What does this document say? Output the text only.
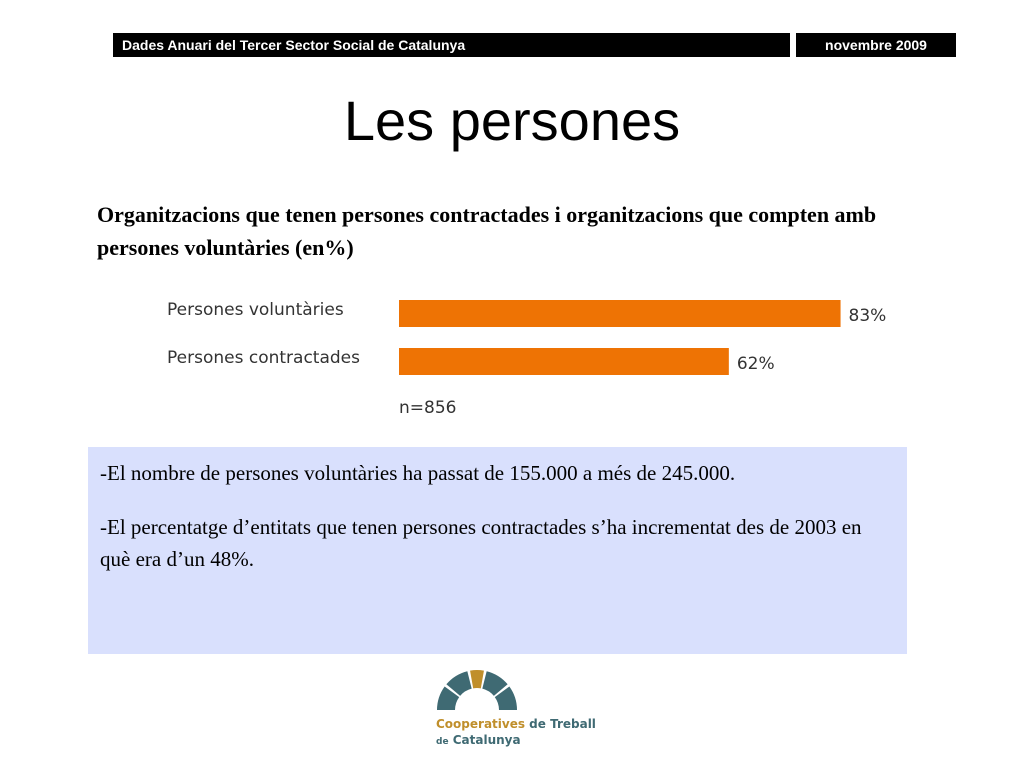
Dades Anuari del Tercer Sector Social de Catalunya	novembre 2009
Les persones
Organitzacions que tenen persones contractades i organitzacions que compten amb persones voluntàries (en%)
Persones voluntàries	83%
Persones contractades	62%
n=856

-El nombre de persones voluntàries ha passat de 155.000 a més de 245.000.

-El percentatge d’entitats que tenen persones contractades s’ha incrementat des de 2003 en què era d’un 48%.

Cooperatives de Treball
de Catalunya
